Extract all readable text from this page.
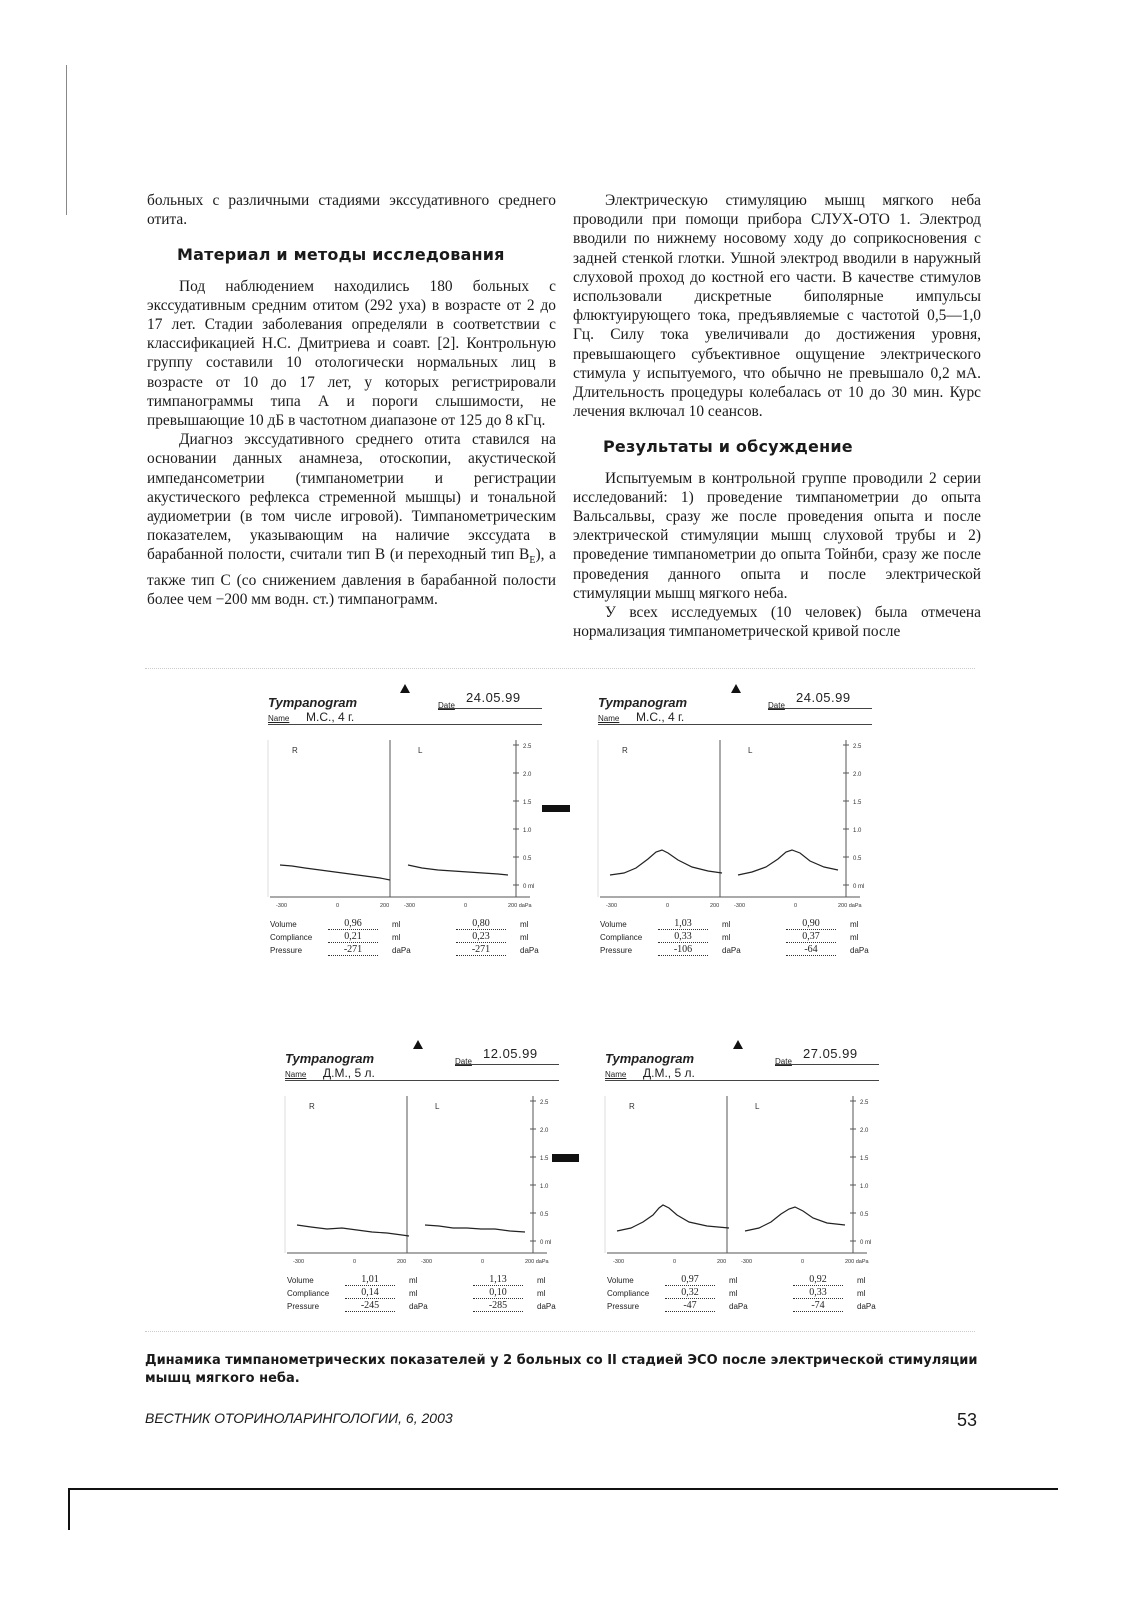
больных с различными стадиями экссудативного среднего отита.

Материал и методы исследования

Под наблюдением находились 180 больных с экссудативным средним отитом (292 уха) в возрасте от 2 до 17 лет. Стадии заболевания определяли в соответствии с классификацией Н.С. Дмитриева и соавт. [2]. Контрольную группу составили 10 отологически нормальных лиц в возрасте от 10 до 17 лет, у которых регистрировали тимпанограммы типа А и пороги слышимости, не превышающие 10 дБ в частотном диапазоне от 125 до 8 кГц.

Диагноз экссудативного среднего отита ставился на основании данных анамнеза, отоскопии, акустической импедансометрии (тимпанометрии и регистрации акустического рефлекса стременной мышцы) и тональной аудиометрии (в том числе игровой). Тимпанометрическим показателем, указывающим на наличие экссудата в барабанной полости, считали тип В (и переходный тип $B_E$), а также тип С (со снижением давления в барабанной полости более чем −200 мм водн. ст.) тимпанограмм.

Электрическую стимуляцию мышц мягкого неба проводили при помощи прибора СЛУХ-ОТО 1. Электрод вводили по нижнему носовому ходу до соприкосновения с задней стенкой глотки. Ушной электрод вводили в наружный слуховой проход до костной его части. В качестве стимулов использовали дискретные биполярные импульсы флюктуирующего тока, предъявляемые с частотой 0,5—1,0 Гц. Силу тока увеличивали до достижения уровня, превышающего субъективное ощущение электрического стимула у испытуемого, что обычно не превышало 0,2 мА. Длительность процедуры колебалась от 10 до 30 мин. Курс лечения включал 10 сеансов.

Результаты и обсуждение

Испытуемым в контрольной группе проводили 2 серии исследований: 1) проведение тимпанометрии до опыта Вальсальвы, сразу же после проведения опыта и после электрической стимуляции мышц слуховой трубы и 2) проведение тимпанометрии до опыта Тойнби, сразу же после проведения данного опыта и после электрической стимуляции мышц мягкого неба.

У всех исследуемых (10 человек) была отмечена нормализация тимпанометрической кривой после

Tympanogram	Date
24.05.99
Name М.С., 4 г.
2.5
2.0
1.5
1.0
0.5
0 ml
R	L
-300	0	200	-300	0	200 daPa
Volume	0,96	ml	0,80	ml
Compliance	0,21	ml	0,23	ml
Pressure	-271	daPa	-271	daPa
Tympanogram	Date
24.05.99
Name М.С., 4 г.
2.5
2.0
1.5
1.0
0.5
0 ml
R	L
-300	0	200	-300	0	200 daPa
Volume	1,03	ml	0,90	ml
Compliance	0,33	ml	0,37	ml
Pressure	-106	daPa	-64	daPa
Tympanogram	Date
12.05.99
Name Д.М., 5 л.
2.5
2.0
1.5
1.0
0.5
0 ml
R	L
-300	0	200	-300	0	200 daPa
Volume	1,01	ml	1,13	ml
Compliance	0,14	ml	0,10	ml
Pressure	-245	daPa	-285	daPa
Tympanogram	Date
27.05.99
Name Д.М., 5 л.
2.5
2.0
1.5
1.0
0.5
0 ml
R	L
-300	0	200	-300	0	200 daPa
Volume	0,97	ml	0,92	ml
Compliance	0,32	ml	0,33	ml
Pressure	-47	daPa	-74	daPa
Динамика тимпанометрических показателей у 2 больных со II стадией ЭСО после электрической стимуляции мышц мягкого неба.
ВЕСТНИК ОТОРИНОЛАРИНГОЛОГИИ, 6, 2003	53
